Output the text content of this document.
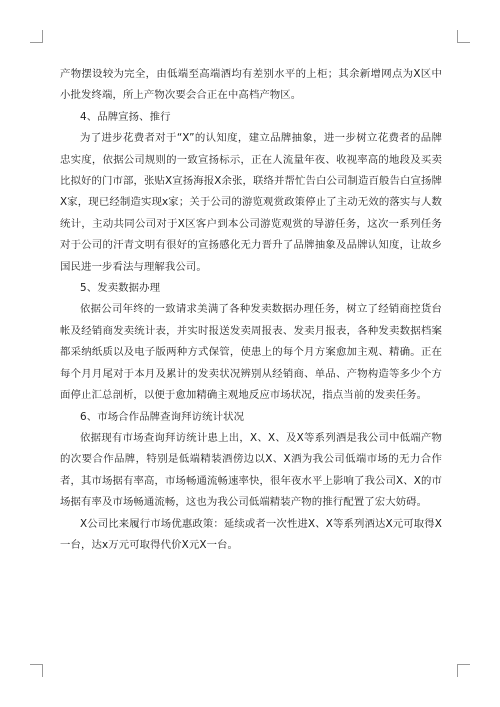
产物摆设较为完全，由低端至高端酒均有差别水平的上柜；其余新增网点为X区中小批发终端，所上产物次要会合正在中高档产物区。

4、品牌宣扬、推行

为了进步花费者对于“X”的认知度，建立品牌抽象，进一步树立花费者的品牌忠实度，依据公司规则的一致宣扬标示，正在人流量年夜、收视率高的地段及买卖比拟好的门市部，张贴X宣扬海报X余张，联络并帮忙告白公司制造百般告白宣扬牌X家，现已经制造实现x家；关于公司的游览观赏政策停止了主动无效的落实与人数统计，主动共同公司对于X区客户到本公司游览观赏的导游任务，这次一系列任务对于公司的汗青文明有很好的宣扬感化无力晋升了品牌抽象及品牌认知度，让故乡国民进一步看法与理解我公司。

5、发卖数据办理

依据公司年终的一致请求美满了各种发卖数据办理任务，树立了经销商控货台帐及经销商发卖统计表，并实时报送发卖周报表、发卖月报表，各种发卖数据档案都采纳纸质以及电子版两种方式保管，使患上的每个月方案愈加主观、精确。正在每个月月尾对于本月及累计的发卖状况辨别从经销商、单品、产物构造等多少个方面停止汇总剖析，以便于愈加精确主观地反应市场状况，指点当前的发卖任务。

6、市场合作品牌查询拜访统计状况

依据现有市场查询拜访统计患上出，X、X、及X等系列酒是我公司中低端产物的次要合作品牌，特别是低端精装酒傍边以X、X酒为我公司低端市场的无力合作者，其市场据有率高，市场畅通流畅速率快，很年夜水平上影响了我公司X、X的市场据有率及市场畅通流畅，这也为我公司低端精装产物的推行配置了宏大妨碍。

X公司比来履行市场优惠政策：延续或者一次性进X、X等系列酒达X元可取得X一台，达x万元可取得代价X元X一台。
